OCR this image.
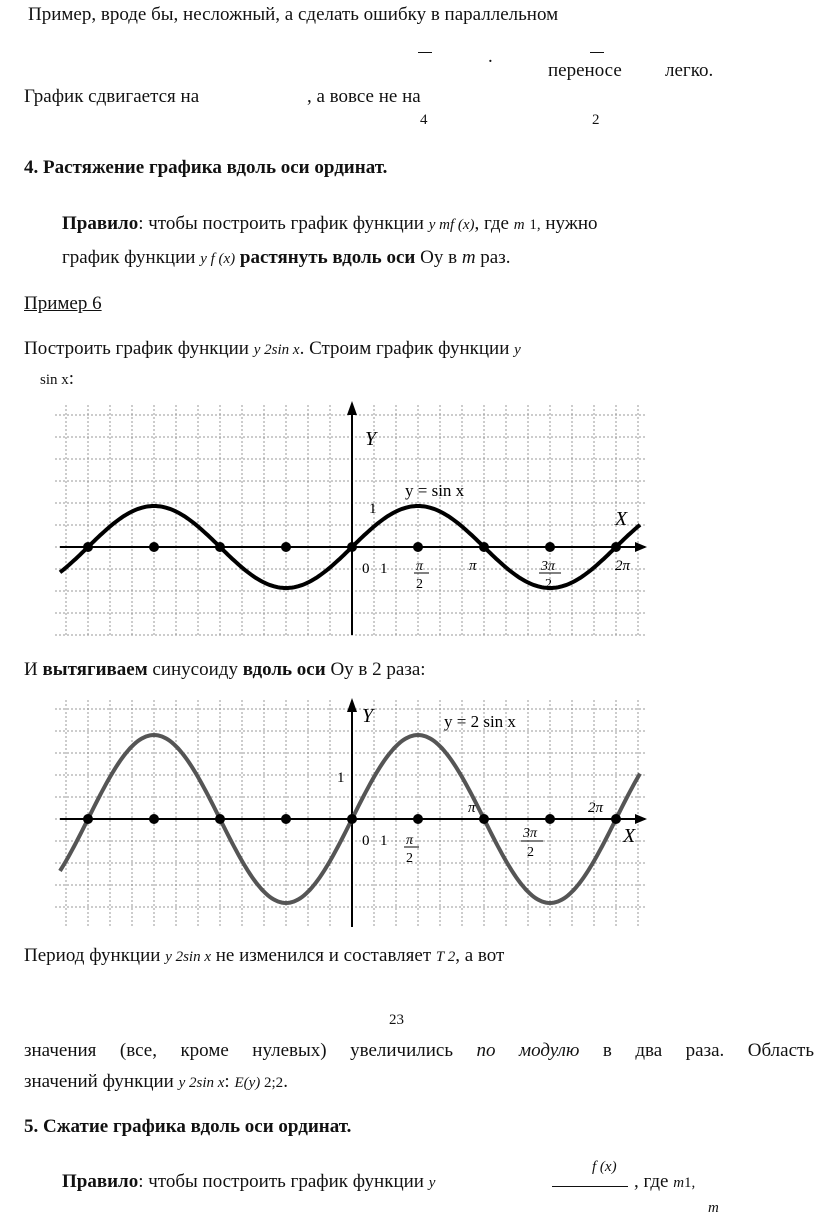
Пример, вроде бы, несложный, а сделать ошибку в параллельном
.
переносе легко.
График сдвигается на	, а вовсе не на
4	2
4. Растяжение графика вдоль оси ординат.
Правило: чтобы построить график функции y mf (x), где m 1, нужно
график функции y f (x) растянуть вдоль оси Оу в m раз.
Пример 6
Построить график функции y 2sin x. Строим график функции y
sin x:
Y
X
y = sin x
1
0 1 π
2
π	3π
2
2π
И вытягиваем синусоиду вдоль оси Оу в 2 раза:
Y
X
y = 2 sin x
1
0 1 π
2
π
3π
2
2π
Период функции y 2sin x не изменился и составляет T 2, а вот
23
значения (все, кроме нулевых) увеличились по модулю в два раза. Область
значений функции y 2sin x: E(y) 2;2.
5. Сжатие графика вдоль оси ординат.
f (x)
Правило: чтобы построить график функции y	, где m1,
m
